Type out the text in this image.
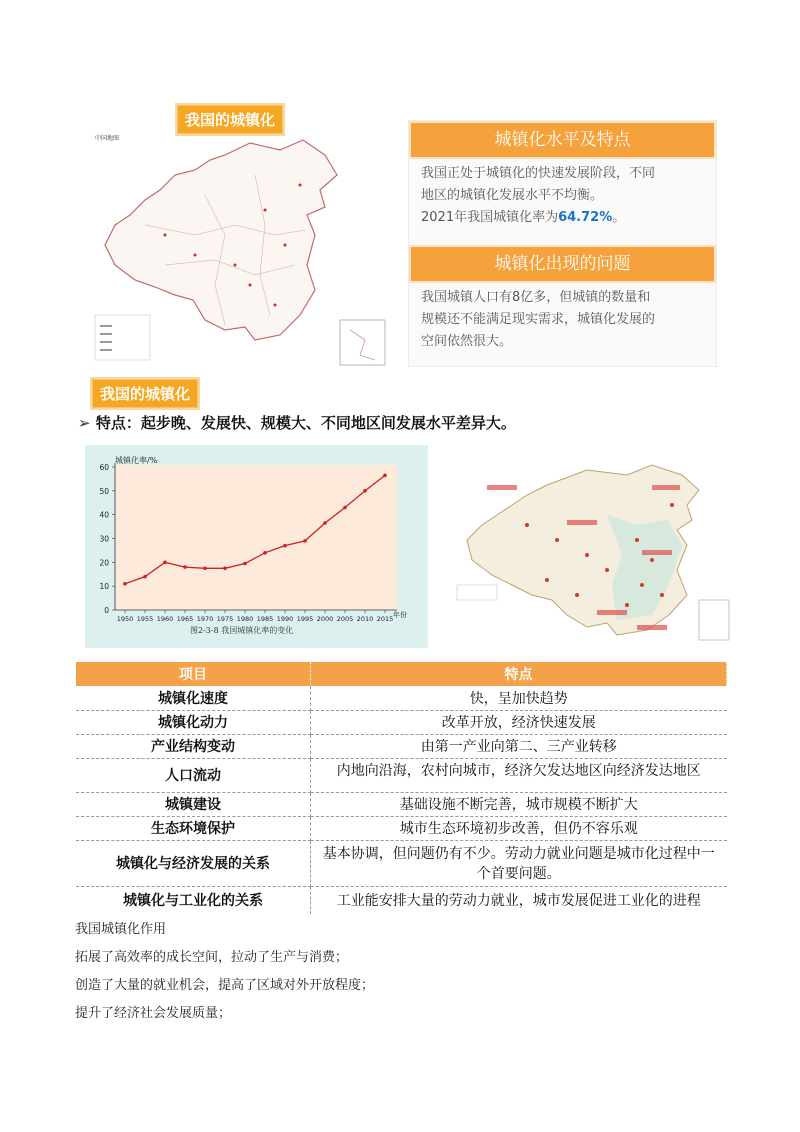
中国地图
我国的城镇化
城镇化水平及特点
我国正处于城镇化的快速发展阶段，不同
地区的城镇化发展水平不均衡。
2021年我国城镇化率为64.72%。
城镇化出现的问题
我国城镇人口有8亿多，但城镇的数量和
规模还不能满足现实需求，城镇化发展的
空间依然很大。
我国的城镇化
➢ 特点：起步晚、发展快、规模大、不同地区间发展水平差异大。
0
10
20
30
40
50
60
1950 1955 1960 1965 1970 1975 1980 1985 1990 1995 2000 2005 2010 2015
城镇化率/%
年份
图2-3-8 我国城镇化率的变化
项目	特点
城镇化速度	快，呈加快趋势
城镇化动力	改革开放，经济快速发展
产业结构变动	由第一产业向第二、三产业转移
人口流动	内地向沿海，农村向城市，经济欠发达地区向经济发达地区
城镇建设	基础设施不断完善，城市规模不断扩大
生态环境保护	城市生态环境初步改善，但仍不容乐观
城镇化与经济发展的关系	基本协调，但问题仍有不少。劳动力就业问题是城市化过程中一个首要问题。
城镇化与工业化的关系	工业能安排大量的劳动力就业，城市发展促进工业化的进程
我国城镇化作用
拓展了高效率的成长空间，拉动了生产与消费；
创造了大量的就业机会，提高了区域对外开放程度；
提升了经济社会发展质量；
